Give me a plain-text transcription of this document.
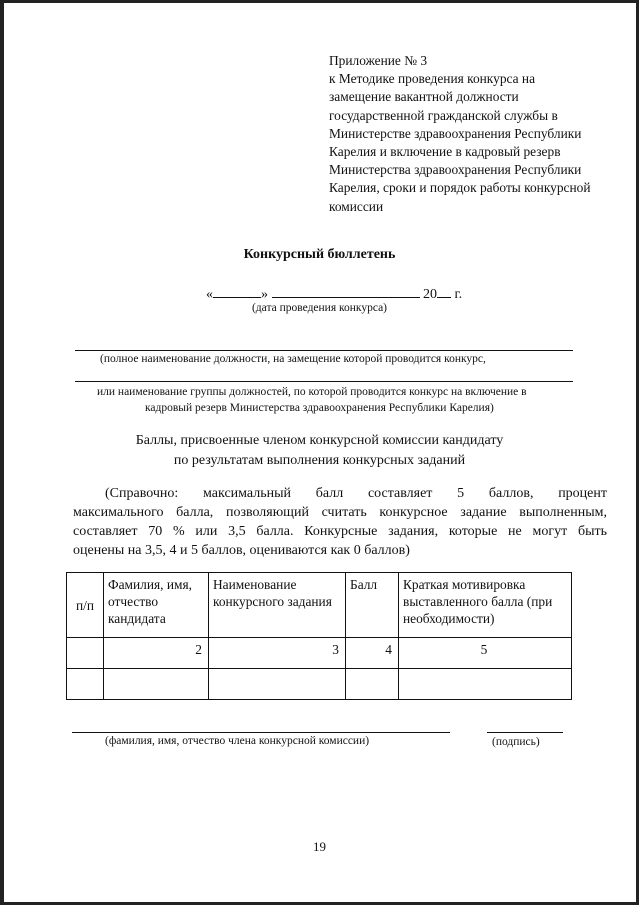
Приложение № 3
к Методике проведения конкурса на
замещение вакантной должности
государственной гражданской службы в
Министерстве здравоохранения Республики
Карелия и включение в кадровый резерв
Министерства здравоохранения Республики
Карелия, сроки и порядок работы конкурсной
комиссии
Конкурсный бюллетень
«	»	20 г.
(дата проведения конкурса)
(полное наименование должности, на замещение которой проводится конкурс,
или наименование группы должностей, по которой проводится конкурс на включение в
кадровый резерв Министерства здравоохранения Республики Карелия)
Баллы, присвоенные членом конкурсной комиссии кандидату
по результатам выполнения конкурсных заданий
(Справочно: максимальный балл составляет 5 баллов, процент
максимального балла, позволяющий считать конкурсное задание выполненным,
составляет 70 % или 3,5 балла. Конкурсные задания, которые не могут быть
оценены на 3,5, 4 и 5 баллов, оцениваются как 0 баллов)
п/п	Фамилия, имя, отчество кандидата	Наименование конкурсного задания	Балл	Краткая мотивировка выставленного балла (при необходимости)
	2	3	4	5

(фамилия, имя, отчество члена конкурсной комиссии)	(подпись)
19
